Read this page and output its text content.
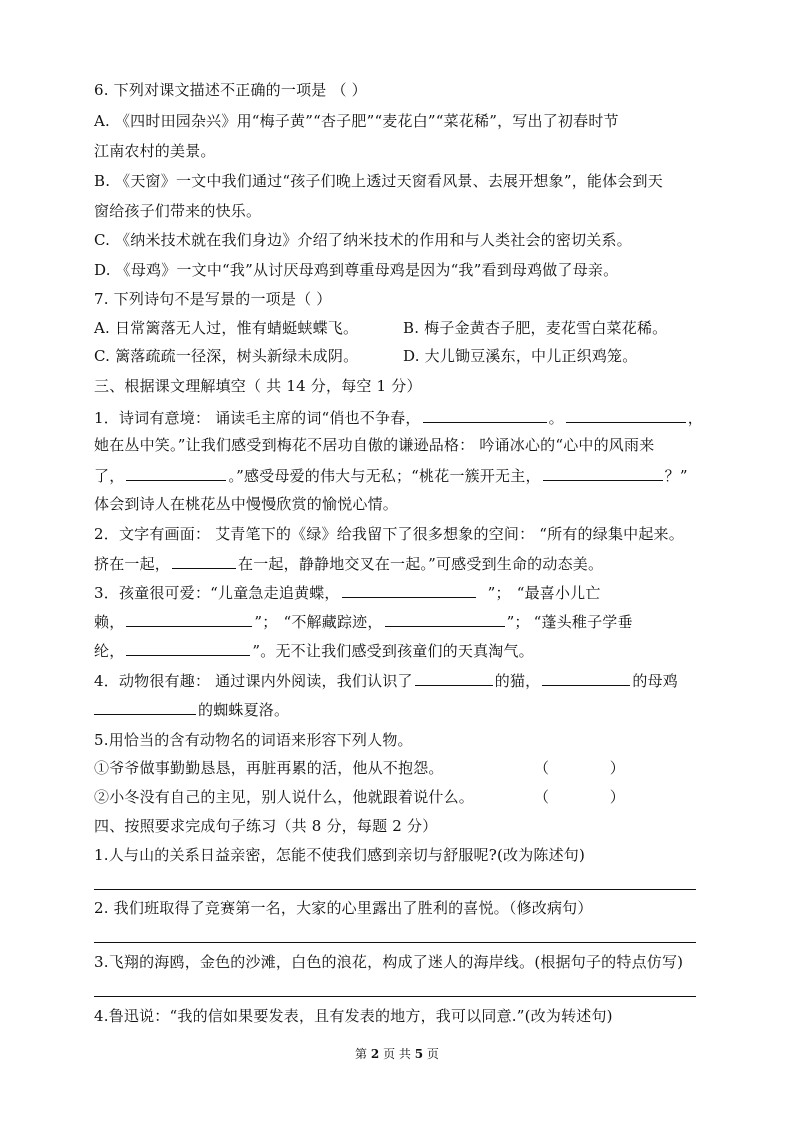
6. 下列对课文描述不正确的一项是 （ ）
A. 《四时田园杂兴》用“梅子黄”“杏子肥”“麦花白”“菜花稀”，写出了初春时节
江南农村的美景。
B. 《天窗》一文中我们通过“孩子们晚上透过天窗看风景、去展开想象”，能体会到天
窗给孩子们带来的快乐。
C. 《纳米技术就在我们身边》介绍了纳米技术的作用和与人类社会的密切关系。
D. 《母鸡》一文中“我”从讨厌母鸡到尊重母鸡是因为“我”看到母鸡做了母亲。
7. 下列诗句不是写景的一项是（ ）
A. 日常篱落无人过，惟有蜻蜓蛱蝶飞。	B. 梅子金黄杏子肥，麦花雪白菜花稀。
C. 篱落疏疏一径深，树头新绿未成阴。	D. 大儿锄豆溪东，中儿正织鸡笼。
三、根据课文理解填空（ 共 14 分，每空 1 分）
1．诗词有意境： 诵读毛主席的词“俏也不争春，	。	，
她在丛中笑。”让我们感受到梅花不居功自傲的谦逊品格： 吟诵冰心的“心中的风雨来
了，	。”感受母爱的伟大与无私；“桃花一簇开无主，	？”
体会到诗人在桃花丛中慢慢欣赏的愉悦心情。
2．文字有画面： 艾青笔下的《绿》给我留下了很多想象的空间： “所有的绿集中起来。
挤在一起，	在一起，静静地交叉在一起。”可感受到生命的动态美。
3．孩童很可爱：“儿童急走追黄蝶，	”； “最喜小儿亡
赖，	”； “不解藏踪迹，	”； “蓬头稚子学垂
纶，	”。无不让我们感受到孩童们的天真淘气。
4．动物很有趣： 通过课内外阅读，我们认识了	的猫，	的母鸡
的蜘蛛夏洛。
5.用恰当的含有动物名的词语来形容下列人物。
①爷爷做事勤勤恳恳，再脏再累的活，他从不抱怨。	（ ）
②小冬没有自己的主见，别人说什么，他就跟着说什么。	（ ）
四、按照要求完成句子练习（共 8 分，每题 2 分）
1.人与山的关系日益亲密，怎能不使我们感到亲切与舒服呢?(改为陈述句)
2. 我们班取得了竞赛第一名，大家的心里露出了胜利的喜悦。（修改病句）
3.飞翔的海鸥，金色的沙滩，白色的浪花，构成了迷人的海岸线。(根据句子的特点仿写)
4.鲁迅说：“我的信如果要发表，且有发表的地方，我可以同意.”(改为转述句)
第 2 页 共 5 页
